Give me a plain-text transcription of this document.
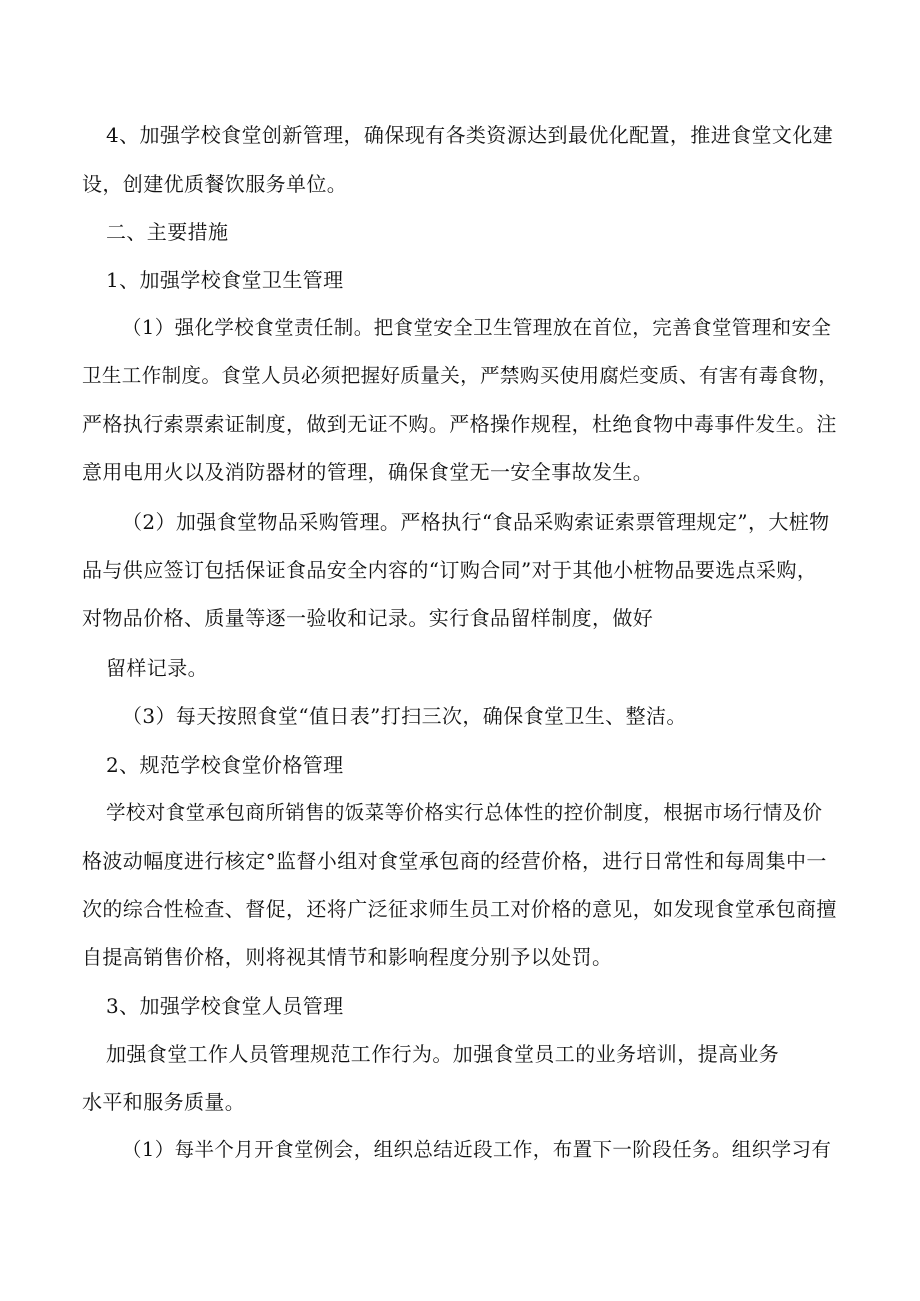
4、加强学校食堂创新管理，确保现有各类资源达到最优化配置，推进食堂文化建

设，创建优质餐饮服务单位。

二、主要措施

1、加强学校食堂卫生管理

（1）强化学校食堂责任制。把食堂安全卫生管理放在首位，完善食堂管理和安全

卫生工作制度。食堂人员必须把握好质量关，严禁购买使用腐烂变质、有害有毒食物，

严格执行索票索证制度，做到无证不购。严格操作规程，杜绝食物中毒事件发生。注

意用电用火以及消防器材的管理，确保食堂无一安全事故发生。

（2）加强食堂物品采购管理。严格执行“食品采购索证索票管理规定”，大桩物

品与供应签订包括保证食品安全内容的“订购合同”对于其他小桩物品要选点采购，

对物品价格、质量等逐一验收和记录。实行食品留样制度，做好

留样记录。

（3）每天按照食堂“值日表”打扫三次，确保食堂卫生、整洁。

2、规范学校食堂价格管理

学校对食堂承包商所销售的饭菜等价格实行总体性的控价制度，根据市场行情及价

格波动幅度进行核定°监督小组对食堂承包商的经营价格，进行日常性和每周集中一

次的综合性检查、督促，还将广泛征求师生员工对价格的意见，如发现食堂承包商擅

自提高销售价格，则将视其情节和影响程度分别予以处罚。

3、加强学校食堂人员管理

加强食堂工作人员管理规范工作行为。加强食堂员工的业务培训，提高业务

水平和服务质量。

（1）每半个月开食堂例会，组织总结近段工作，布置下一阶段任务。组织学习有
